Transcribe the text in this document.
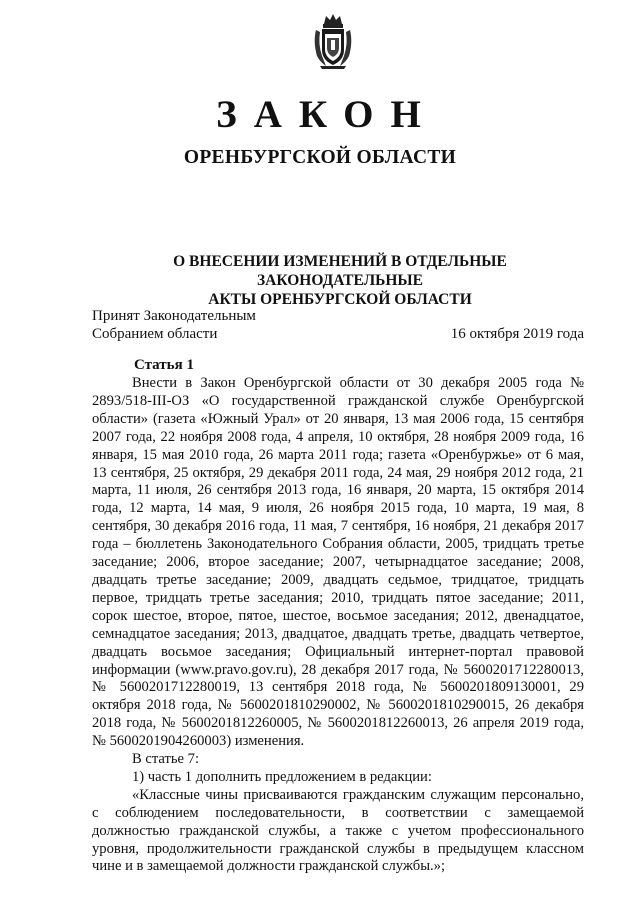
ЗАКОН
ОРЕНБУРГСКОЙ ОБЛАСТИ
О ВНЕСЕНИИ ИЗМЕНЕНИЙ В ОТДЕЛЬНЫЕ ЗАКОНОДАТЕЛЬНЫЕ
АКТЫ ОРЕНБУРГСКОЙ ОБЛАСТИ
Принят Законодательным
Собранием области	16 октября 2019 года
Статья 1

Внести в Закон Оренбургской области от 30 декабря 2005 года № 2893/518-III-ОЗ «О государственной гражданской службе Оренбургской области» (газета «Южный Урал» от 20 января, 13 мая 2006 года, 15 сентября 2007 года, 22 ноября 2008 года, 4 апреля, 10 октября, 28 ноября 2009 года, 16 января, 15 мая 2010 года, 26 марта 2011 года; газета «Оренбуржье» от 6 мая, 13 сентября, 25 октября, 29 декабря 2011 года, 24 мая, 29 ноября 2012 года, 21 марта, 11 июля, 26 сентября 2013 года, 16 января, 20 марта, 15 октября 2014 года, 12 марта, 14 мая, 9 июля, 26 ноября 2015 года, 10 марта, 19 мая, 8 сентября, 30 декабря 2016 года, 11 мая, 7 сентября, 16 ноября, 21 декабря 2017 года – бюллетень Законодательного Собрания области, 2005, тридцать третье заседание; 2006, второе заседание; 2007, четырнадцатое заседание; 2008, двадцать третье заседание; 2009, двадцать седьмое, тридцатое, тридцать первое, тридцать третье заседания; 2010, тридцать пятое заседание; 2011, сорок шестое, второе, пятое, шестое, восьмое заседания; 2012, двенадцатое, семнадцатое заседания; 2013, двадцатое, двадцать третье, двадцать четвертое, двадцать восьмое заседания; Официальный интернет-портал правовой информации (www.pravo.gov.ru), 28 декабря 2017 года, № 5600201712280013, № 5600201712280019, 13 сентября 2018 года, № 5600201809130001, 29 октября 2018 года, № 5600201810290002, № 5600201810290015, 26 декабря 2018 года, № 5600201812260005, № 5600201812260013, 26 апреля 2019 года, № 5600201904260003) изменения.

В статье 7:

1) часть 1 дополнить предложением в редакции:

«Классные чины присваиваются гражданским служащим персонально, с соблюдением последовательности, в соответствии с замещаемой должностью гражданской службы, а также с учетом профессионального уровня, продолжительности гражданской службы в предыдущем классном чине и в замещаемой должности гражданской службы.»;
